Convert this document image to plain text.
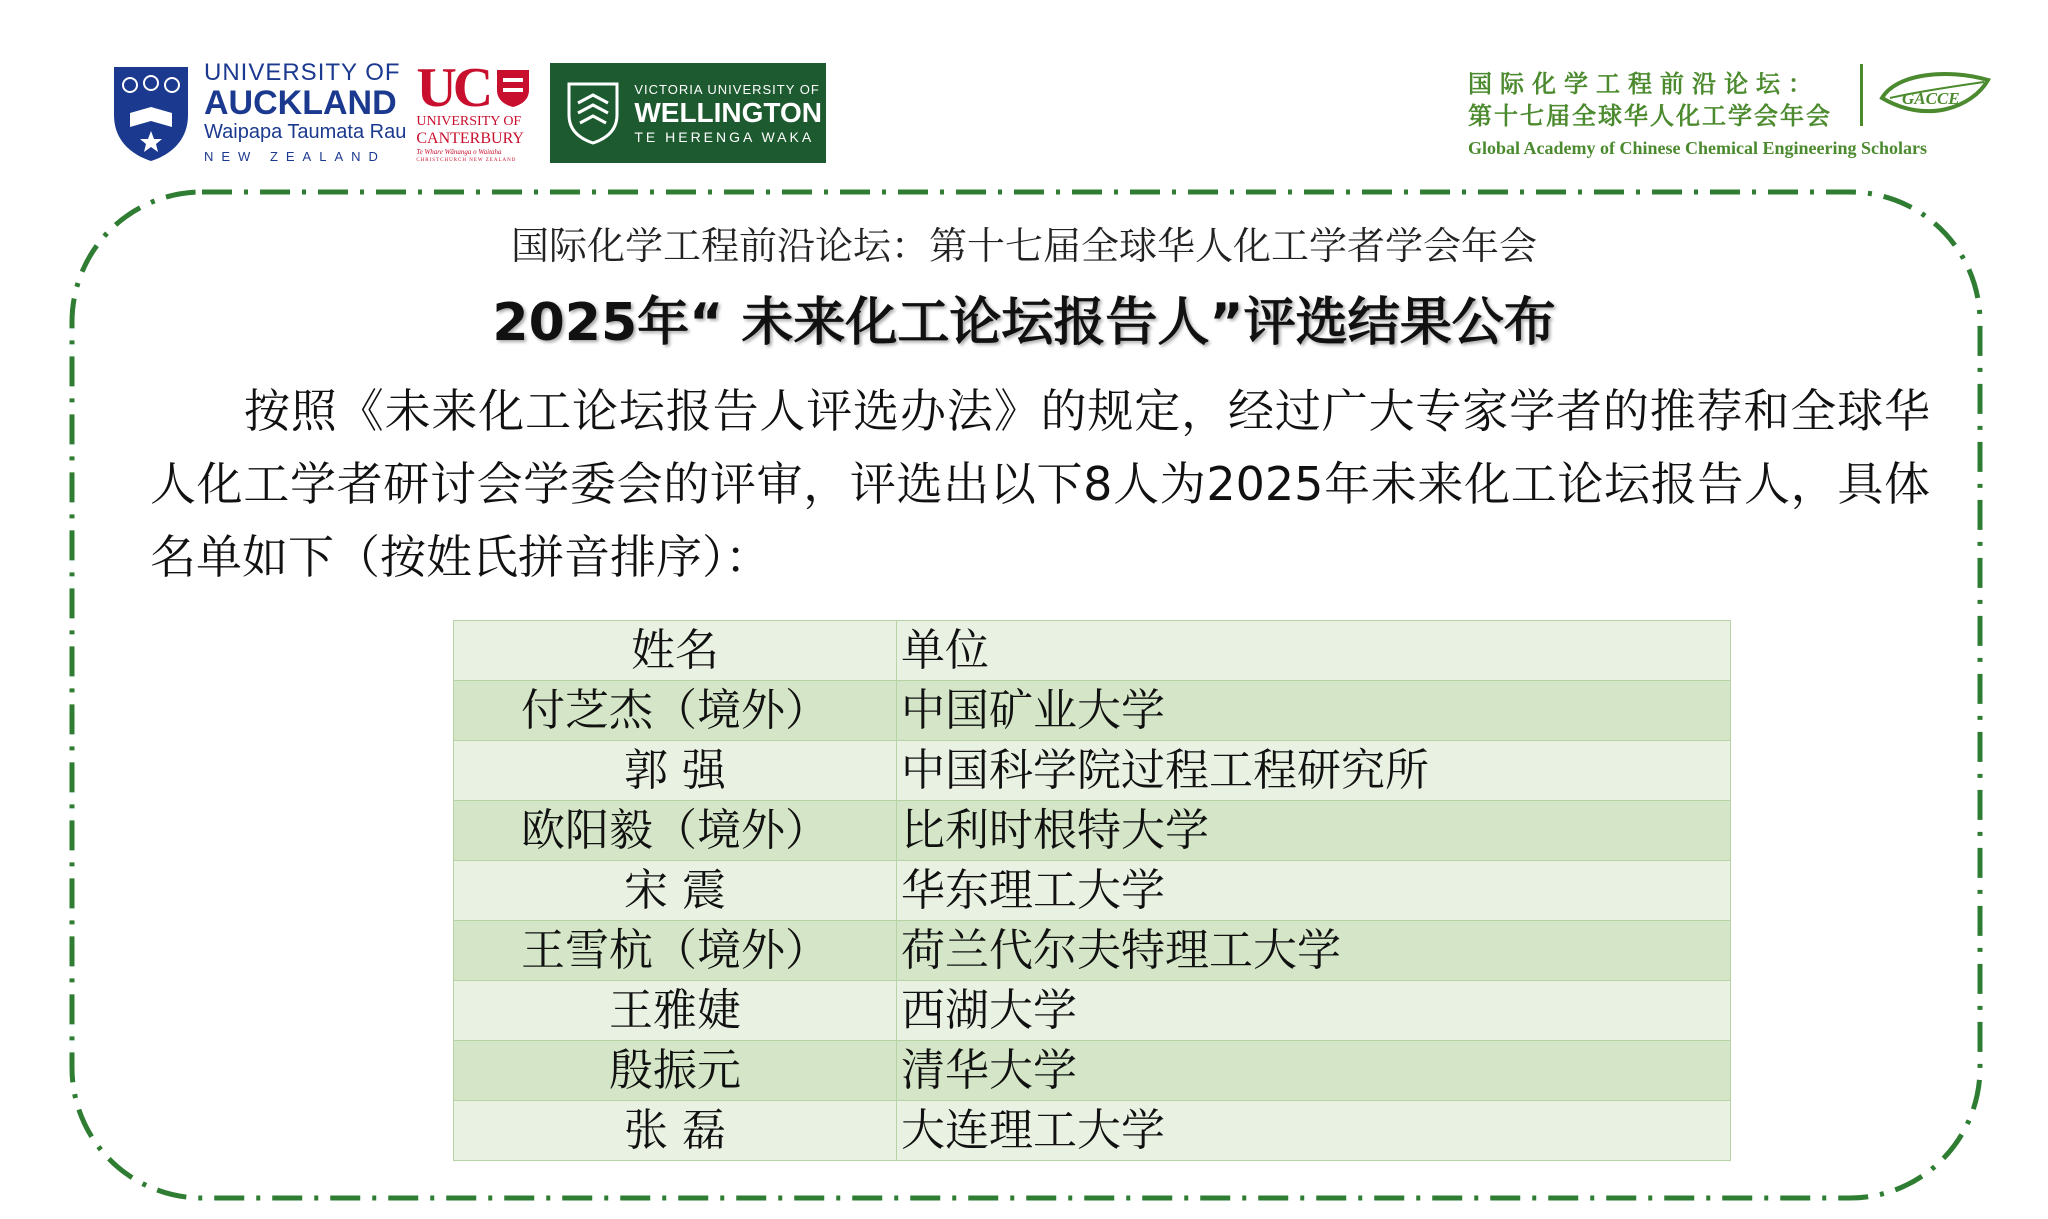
UNIVERSITY OF
AUCKLAND
Waipapa Taumata Rau
NEW ZEALAND
UC
UNIVERSITY OF
CANTERBURY
Te Whare Wānanga o Waitaha
CHRISTCHURCH NEW ZEALAND
VICTORIA UNIVERSITY OF
WELLINGTON
TE HERENGA WAKA
国际化学工程前沿论坛：
第十七届全球华人化工学会年会
GACCE
Global Academy of Chinese Chemical Engineering Scholars
国际化学工程前沿论坛：第十七届全球华人化工学者学会年会
2025年“ 未来化工论坛报告人”评选结果公布
按照《未来化工论坛报告人评选办法》的规定，经过广大专家学者的推荐和全球华人化工学者研讨会学委会的评审，评选出以下8人为2025年未来化工论坛报告人，具体名单如下（按姓氏拼音排序）：
姓名	单位
付芝杰（境外）	中国矿业大学
郭 强	中国科学院过程工程研究所
欧阳毅（境外）	比利时根特大学
宋 震	华东理工大学
王雪杭（境外）	荷兰代尔夫特理工大学
王雅婕	西湖大学
殷振元	清华大学
张 磊	大连理工大学
